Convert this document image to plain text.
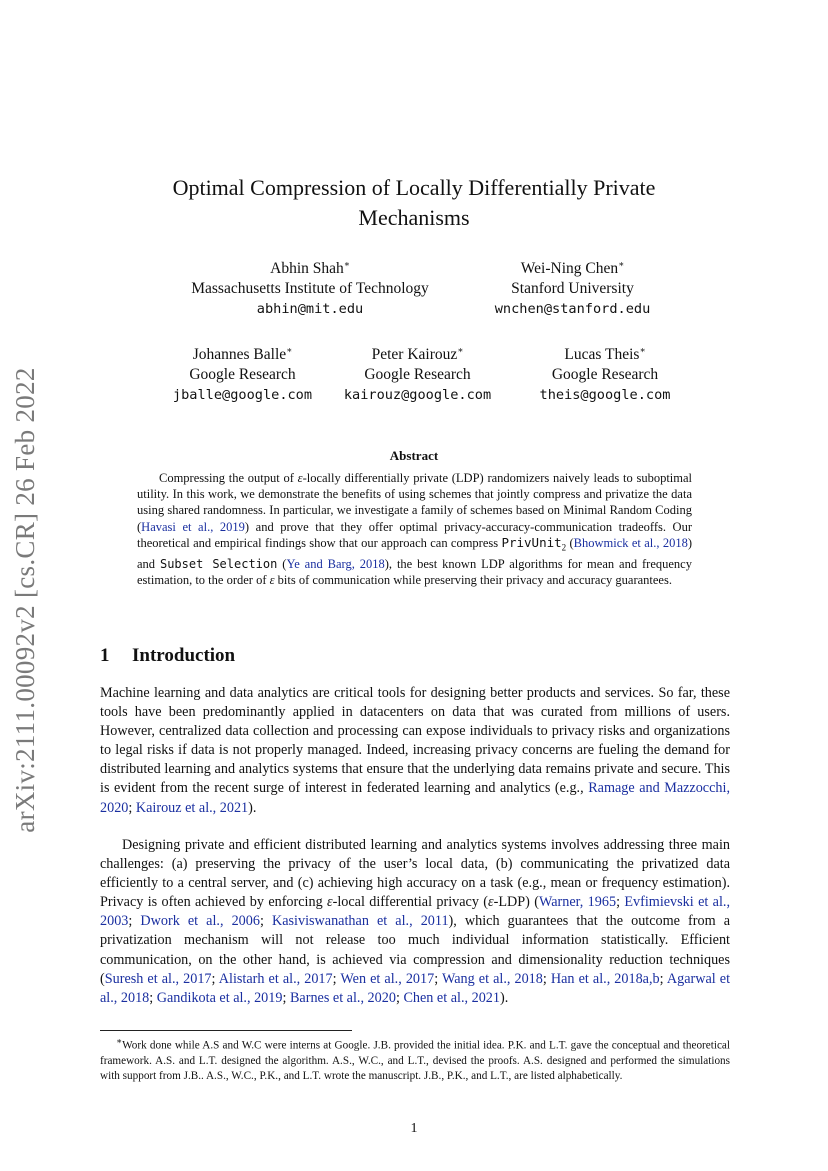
arXiv:2111.00092v2 [cs.CR] 26 Feb 2022
Optimal Compression of Locally Differentially Private Mechanisms
Abhin Shah∗
Massachusetts Institute of Technology
abhin@mit.edu
Wei-Ning Chen∗
Stanford University
wnchen@stanford.edu
Johannes Balle∗
Google Research
jballe@google.com
Peter Kairouz∗
Google Research
kairouz@google.com
Lucas Theis∗
Google Research
theis@google.com
Abstract

Compressing the output of ε-locally differentially private (LDP) randomizers naively leads to suboptimal utility. In this work, we demonstrate the benefits of using schemes that jointly compress and privatize the data using shared randomness. In particular, we investigate a family of schemes based on Minimal Random Coding (Havasi et al., 2019) and prove that they offer optimal privacy-accuracy-communication tradeoffs. Our theoretical and empirical findings show that our approach can compress PrivUnit$_2$ (Bhowmick et al., 2018) and Subset Selection (Ye and Barg, 2018), the best known LDP algorithms for mean and frequency estimation, to the order of ε bits of communication while preserving their privacy and accuracy guarantees.

1 Introduction

Machine learning and data analytics are critical tools for designing better products and services. So far, these tools have been predominantly applied in datacenters on data that was curated from millions of users. However, centralized data collection and processing can expose individuals to privacy risks and organizations to legal risks if data is not properly managed. Indeed, increasing privacy concerns are fueling the demand for distributed learning and analytics systems that ensure that the underlying data remains private and secure. This is evident from the recent surge of interest in federated learning and analytics (e.g., Ramage and Mazzocchi, 2020; Kairouz et al., 2021).

Designing private and efficient distributed learning and analytics systems involves addressing three main challenges: (a) preserving the privacy of the user’s local data, (b) communicating the privatized data efficiently to a central server, and (c) achieving high accuracy on a task (e.g., mean or frequency estimation). Privacy is often achieved by enforcing ε-local differential privacy (ε-LDP) (Warner, 1965; Evfimievski et al., 2003; Dwork et al., 2006; Kasiviswanathan et al., 2011), which guarantees that the outcome from a privatization mechanism will not release too much individual information statistically. Efficient communication, on the other hand, is achieved via compression and dimensionality reduction techniques (Suresh et al., 2017; Alistarh et al., 2017; Wen et al., 2017; Wang et al., 2018; Han et al., 2018a,b; Agarwal et al., 2018; Gandikota et al., 2019; Barnes et al., 2020; Chen et al., 2021).

∗Work done while A.S and W.C were interns at Google. J.B. provided the initial idea. P.K. and L.T. gave the conceptual and theoretical framework. A.S. and L.T. designed the algorithm. A.S., W.C., and L.T., devised the proofs. A.S. designed and performed the simulations with support from J.B.. A.S., W.C., P.K., and L.T. wrote the manuscript. J.B., P.K., and L.T., are listed alphabetically.

1
